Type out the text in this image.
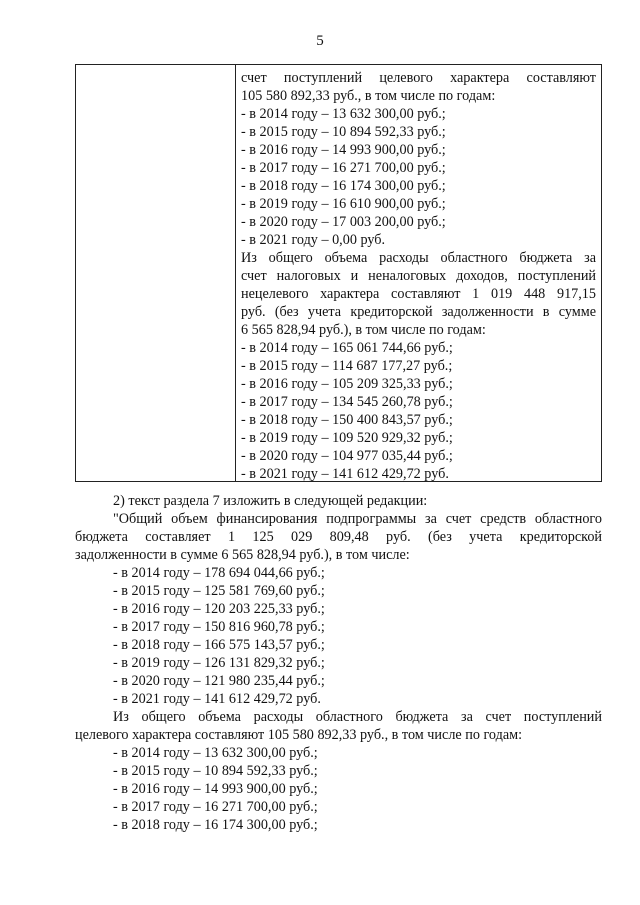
5
счет поступлений целевого характера составляют
105 580 892,33 руб., в том числе по годам:
- в 2014 году – 13 632 300,00 руб.;
- в 2015 году – 10 894 592,33 руб.;
- в 2016 году – 14 993 900,00 руб.;
- в 2017 году – 16 271 700,00 руб.;
- в 2018 году – 16 174 300,00 руб.;
- в 2019 году – 16 610 900,00 руб.;
- в 2020 году – 17 003 200,00 руб.;
- в 2021 году – 0,00 руб.
Из общего объема расходы областного бюджета за
счет налоговых и неналоговых доходов, поступлений
нецелевого характера составляют 1 019 448 917,15
руб. (без учета кредиторской задолженности в сумме
6 565 828,94 руб.), в том числе по годам:
- в 2014 году – 165 061 744,66 руб.;
- в 2015 году – 114 687 177,27 руб.;
- в 2016 году – 105 209 325,33 руб.;
- в 2017 году – 134 545 260,78 руб.;
- в 2018 году – 150 400 843,57 руб.;
- в 2019 году – 109 520 929,32 руб.;
- в 2020 году – 104 977 035,44 руб.;
- в 2021 году – 141 612 429,72 руб.
2) текст раздела 7 изложить в следующей редакции:
"Общий объем финансирования подпрограммы за счет средств областного
бюджета составляет 1 125 029 809,48 руб. (без учета кредиторской
задолженности в сумме 6 565 828,94 руб.), в том числе:
- в 2014 году – 178 694 044,66 руб.;
- в 2015 году – 125 581 769,60 руб.;
- в 2016 году – 120 203 225,33 руб.;
- в 2017 году – 150 816 960,78 руб.;
- в 2018 году – 166 575 143,57 руб.;
- в 2019 году – 126 131 829,32 руб.;
- в 2020 году – 121 980 235,44 руб.;
- в 2021 году – 141 612 429,72 руб.
Из общего объема расходы областного бюджета за счет поступлений
целевого характера составляют 105 580 892,33 руб., в том числе по годам:
- в 2014 году – 13 632 300,00 руб.;
- в 2015 году – 10 894 592,33 руб.;
- в 2016 году – 14 993 900,00 руб.;
- в 2017 году – 16 271 700,00 руб.;
- в 2018 году – 16 174 300,00 руб.;
